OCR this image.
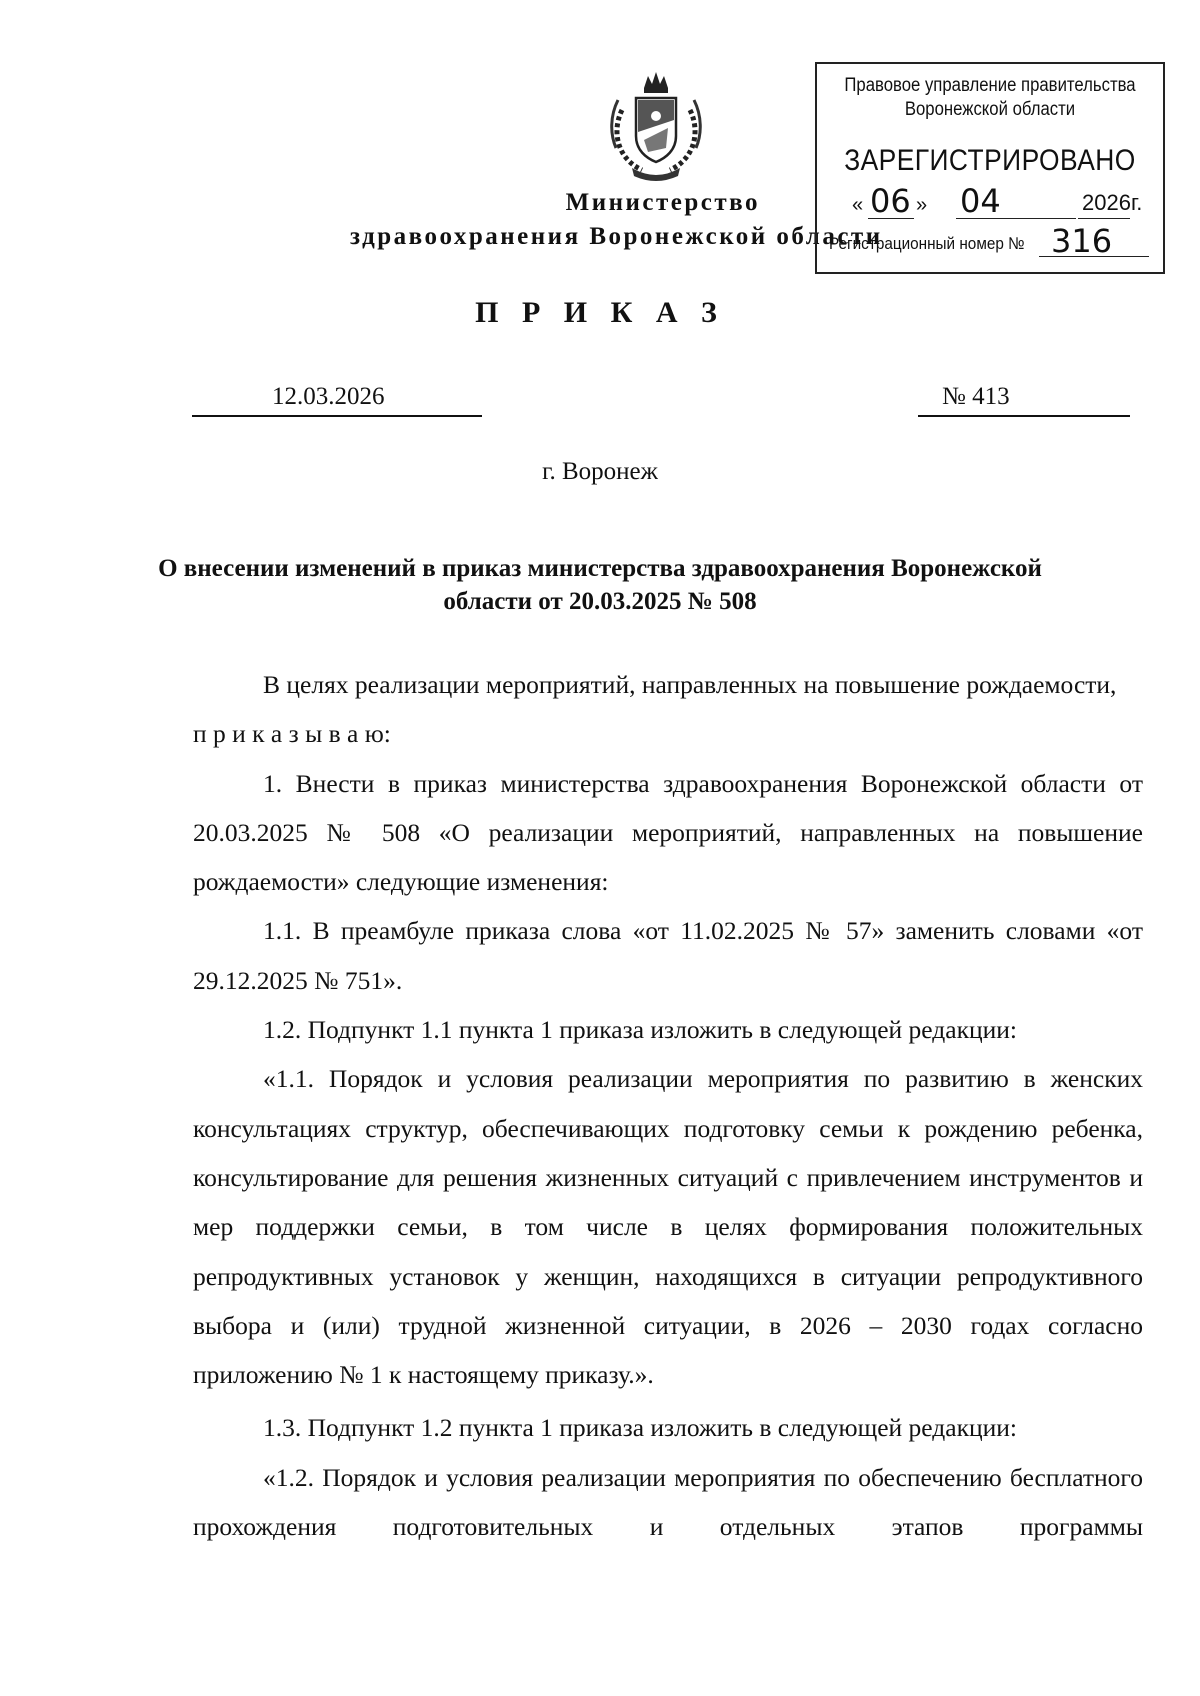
Министерство
здравоохранения Воронежской области
Правовое управление правительства Воронежской области
ЗАРЕГИСТРИРОВАНО
« 06 » 04	2026г.
Регистрационный номер № 316
П Р И К А З
12.03.2026	№ 413
г. Воронеж
О внесении изменений в приказ министерства здравоохранения Воронежской области от 20.03.2025 № 508

В целях реализации мероприятий, направленных на повышение рождаемости,

п р и к а з ы в а ю:

1. Внести в приказ министерства здравоохранения Воронежской области от 20.03.2025 № 508 «О реализации мероприятий, направленных на повышение рождаемости» следующие изменения:

1.1. В преамбуле приказа слова «от 11.02.2025 № 57» заменить словами «от 29.12.2025 № 751».

1.2. Подпункт 1.1 пункта 1 приказа изложить в следующей редакции:

«1.1. Порядок и условия реализации мероприятия по развитию в женских консультациях структур, обеспечивающих подготовку семьи к рождению ребенка, консультирование для решения жизненных ситуаций с привлечением инструментов и мер поддержки семьи, в том числе в целях формирования положительных репродуктивных установок у женщин, находящихся в ситуации репродуктивного выбора и (или) трудной жизненной ситуации, в 2026 – 2030 годах согласно приложению № 1 к настоящему приказу.».

1.3. Подпункт 1.2 пункта 1 приказа изложить в следующей редакции:

«1.2. Порядок и условия реализации мероприятия по обеспечению бесплатного прохождения подготовительных и отдельных этапов программы
